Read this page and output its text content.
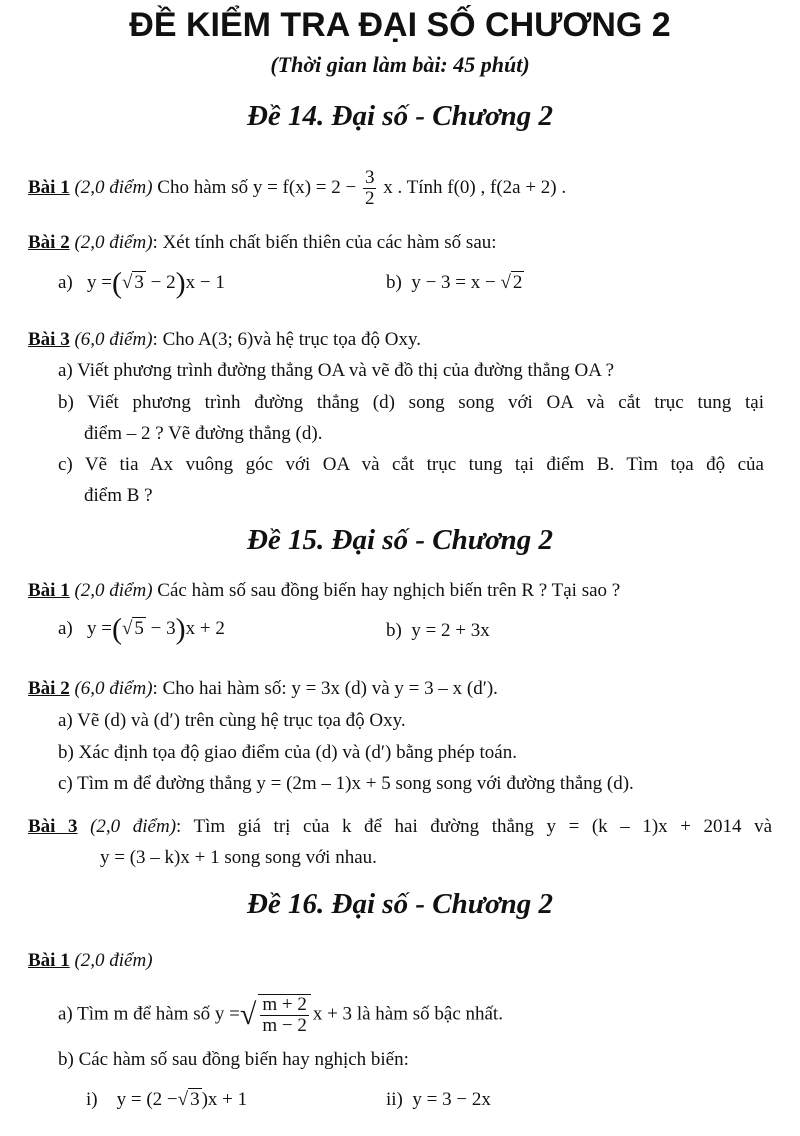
ĐỀ KIỂM TRA ĐẠI SỐ CHƯƠNG 2
(Thời gian làm bài: 45 phút)
Đề 14. Đại số - Chương 2
Bài 1 (2,0 điểm) Cho hàm số $y = f(x) = 2 - \frac{3}{2}$ x . Tính f(0) , f(2a + 2) .
Bài 2 (2,0 điểm): Xét tính chất biến thiên của các hàm số sau:
a) y =(√ 3 − 2)x − 1	b) y − 3 = x − √ 2
Bài 3 (6,0 điểm): Cho A(3; 6)và hệ trục tọa độ Oxy.
a) Viết phương trình đường thẳng OA và vẽ đồ thị của đường thẳng OA ?
b) Viết phương trình đường thẳng (d) song song với OA và cắt trục tung tại
điểm – 2 ? Vẽ đường thẳng (d).
c) Vẽ tia Ax vuông góc với OA và cắt trục tung tại điểm B. Tìm tọa độ của
điểm B ?
Đề 15. Đại số - Chương 2
Bài 1 (2,0 điểm) Các hàm số sau đồng biến hay nghịch biến trên R ? Tại sao ?
a) y =(√ 5 − 3)x + 2	b) y = 2 + 3x
Bài 2 (6,0 điểm): Cho hai hàm số: y = 3x (d) và y = 3 – x (d′).
a) Vẽ (d) và (d′) trên cùng hệ trục tọa độ Oxy.
b) Xác định tọa độ giao điểm của (d) và (d′) bằng phép toán.
c) Tìm m để đường thẳng y = (2m – 1)x + 5 song song với đường thẳng (d).
Bài 3 (2,0 điểm): Tìm giá trị của k để hai đường thẳng y = (k – 1)x + 2014 và
y = (3 – k)x + 1 song song với nhau.
Đề 16. Đại số - Chương 2
Bài 1 (2,0 điểm)
a) Tìm m để hàm số y =√ $\frac{m + 2}{m - 2}$ x + 3 là hàm số bậc nhất.
b) Các hàm số sau đồng biến hay nghịch biến:
i) y = (2 −√ 3 )x + 1	ii) y = 3 − 2x
